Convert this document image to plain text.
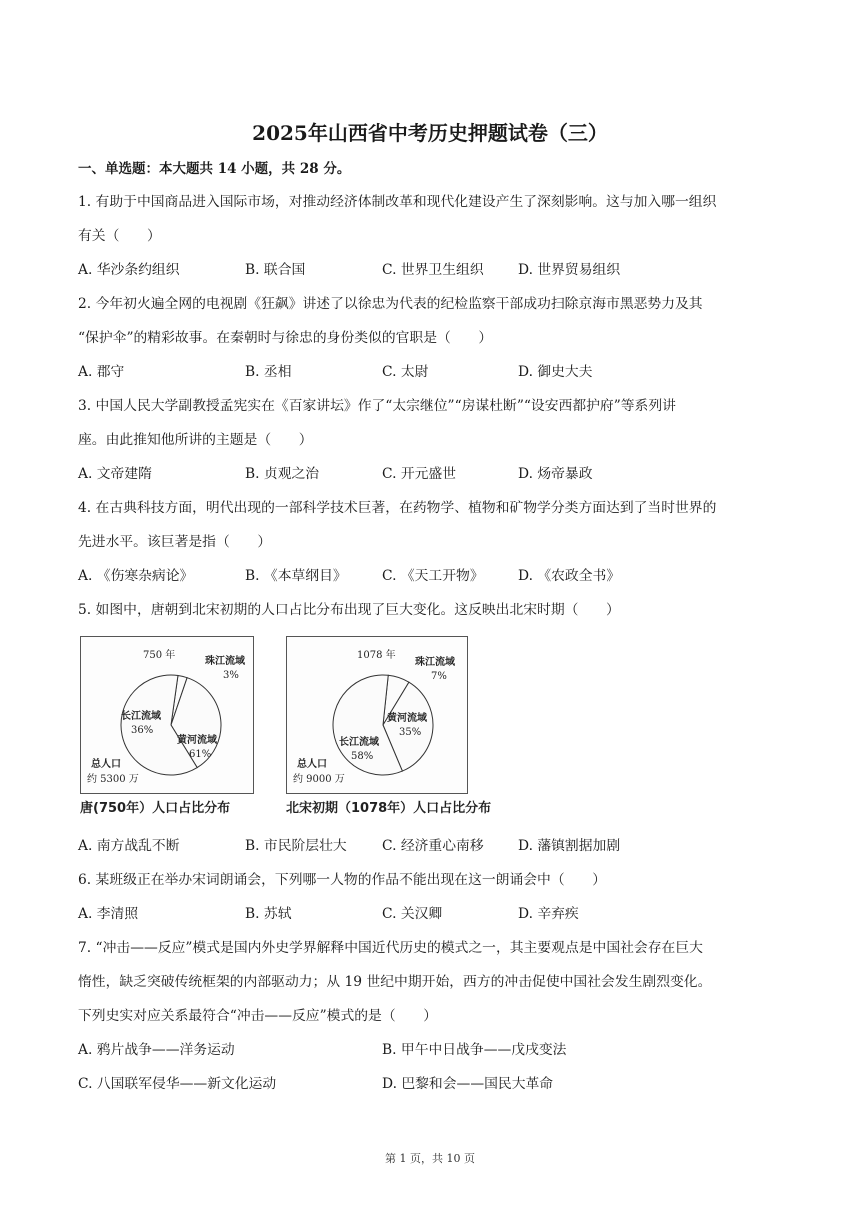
2025年山西省中考历史押题试卷（三）
一、单选题：本大题共 14 小题，共 28 分。
1. 有助于中国商品进入国际市场，对推动经济体制改革和现代化建设产生了深刻影响。这与加入哪一组织
有关（　　）
A. 华沙条约组织	B. 联合国	C. 世界卫生组织 D. 世界贸易组织
2. 今年初火遍全网的电视剧《狂飙》讲述了以徐忠为代表的纪检监察干部成功扫除京海市黑恶势力及其
“保护伞”的精彩故事。在秦朝时与徐忠的身份类似的官职是（　　）
A. 郡守	B. 丞相	C. 太尉	D. 御史大夫
3. 中国人民大学副教授孟宪实在《百家讲坛》作了“太宗继位”“房谋杜断”“设安西都护府”等系列讲
座。由此推知他所讲的主题是（　　）
A. 文帝建隋	B. 贞观之治	C. 开元盛世	D. 炀帝暴政
4. 在古典科技方面，明代出现的一部科学技术巨著，在药物学、植物和矿物学分类方面达到了当时世界的
先进水平。该巨著是指（　　）
A. 《伤寒杂病论》	B. 《本草纲目》	C. 《天工开物》 D. 《农政全书》
5. 如图中，唐朝到北宋初期的人口占比分布出现了巨大变化。这反映出北宋时期（　　）
750 年
珠江流域
3%
长江流域
36%
黄河流域
61%
总人口
约 5300 万
唐(750年）人口占比分布
1078 年
珠江流域
7%
黄河流域
35%
长江流域
58%
总人口
约 9000 万
北宋初期（1078年）人口占比分布
A. 南方战乱不断	B. 市民阶层壮大	C. 经济重心南移 D. 藩镇割据加剧
6. 某班级正在举办宋词朗诵会，下列哪一人物的作品不能出现在这一朗诵会中（　　）
A. 李清照	B. 苏轼	C. 关汉卿	D. 辛弃疾
7. “冲击——反应”模式是国内外史学界解释中国近代历史的模式之一，其主要观点是中国社会存在巨大
惰性，缺乏突破传统框架的内部驱动力；从 19 世纪中期开始，西方的冲击促使中国社会发生剧烈变化。
下列史实对应关系最符合“冲击——反应”模式的是（　　）
A. 鸦片战争——洋务运动	B. 甲午中日战争——戊戌变法
C. 八国联军侵华——新文化运动	D. 巴黎和会——国民大革命
第 1 页，共 10 页
